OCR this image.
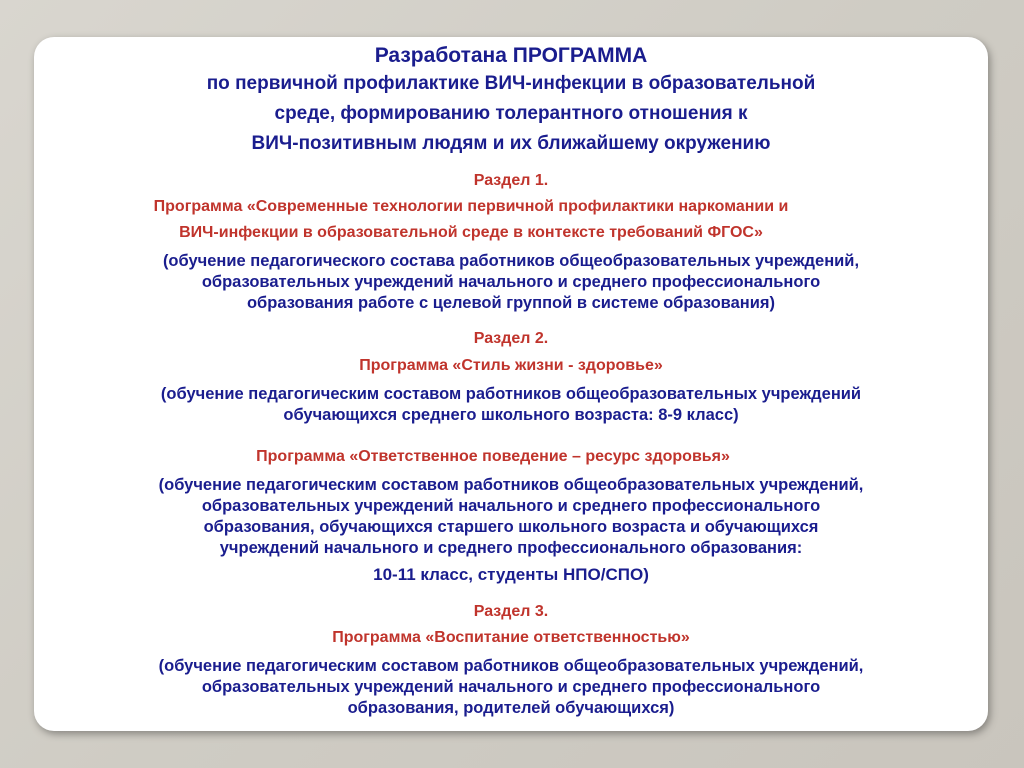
Разработана ПРОГРАММА
по первичной профилактике ВИЧ-инфекции в образовательной
среде, формированию толерантного отношения к
ВИЧ-позитивным людям и их ближайшему окружению
Раздел 1.
Программа «Современные технологии первичной профилактики наркомании и
ВИЧ-инфекции в образовательной среде в контексте требований ФГОС»
(обучение педагогического состава работников общеобразовательных учреждений,
образовательных учреждений начального и среднего профессионального
образования работе с целевой группой в системе образования)
Раздел 2.
Программа «Стиль жизни - здоровье»
(обучение педагогическим составом работников общеобразовательных учреждений
обучающихся среднего школьного возраста: 8-9 класс)
Программа «Ответственное поведение – ресурс здоровья»
(обучение педагогическим составом работников общеобразовательных учреждений,
образовательных учреждений начального и среднего профессионального
образования, обучающихся старшего школьного возраста и обучающихся
учреждений начального и среднего профессионального образования:
10-11 класс, студенты НПО/СПО)
Раздел 3.
Программа «Воспитание ответственностью»
(обучение педагогическим составом работников общеобразовательных учреждений,
образовательных учреждений начального и среднего профессионального
образования, родителей обучающихся)
